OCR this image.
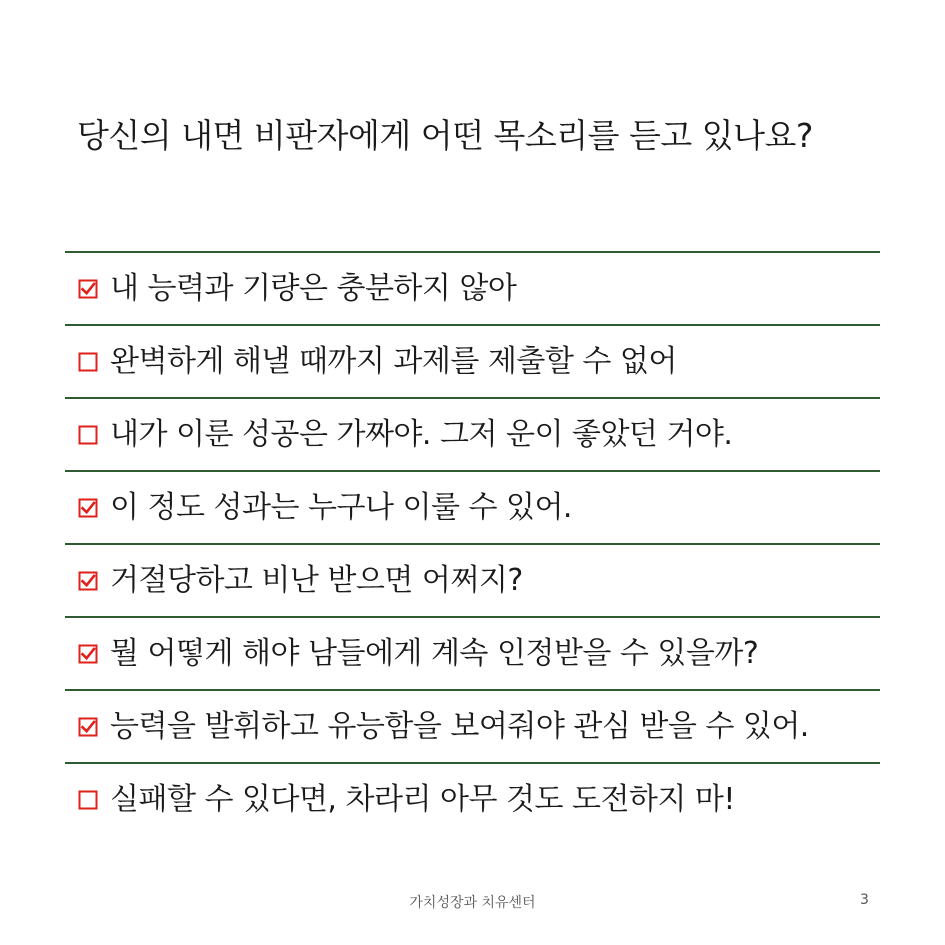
당신의 내면 비판자에게 어떤 목소리를 듣고 있나요?
내 능력과 기량은 충분하지 않아
완벽하게 해낼 때까지 과제를 제출할 수 없어
내가 이룬 성공은 가짜야. 그저 운이 좋았던 거야.
이 정도 성과는 누구나 이룰 수 있어.
거절당하고 비난 받으면 어쩌지?
뭘 어떻게 해야 남들에게 계속 인정받을 수 있을까?
능력을 발휘하고 유능함을 보여줘야 관심 받을 수 있어.
실패할 수 있다면, 차라리 아무 것도 도전하지 마!
가치성장과 치유센터	3
